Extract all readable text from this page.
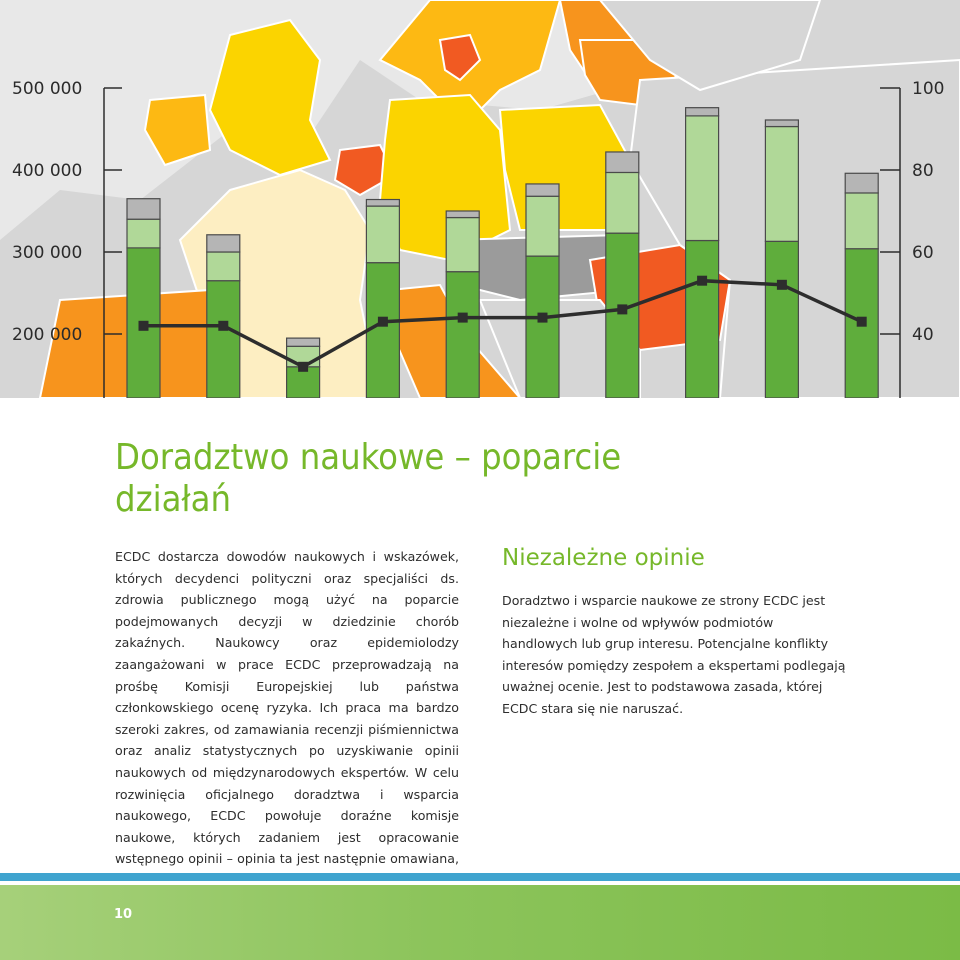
500 000
400 000
300 000
200 000
100
80
60
40
Doradztwo naukowe – poparcie
działań

ECDC dostarcza dowodów naukowych i wskazówek, których decydenci polityczni oraz specjaliści ds. zdrowia publicznego mogą użyć na poparcie podejmowanych decyzji w dziedzinie chorób zakaźnych. Naukowcy oraz epidemiolodzy zaangażowani w prace ECDC przeprowadzają na prośbę Komisji Europejskiej lub państwa członkowskiego ocenę ryzyka. Ich praca ma bardzo szeroki zakres, od zamawiania recenzji piśmiennictwa oraz analiz statystycznych po uzyskiwanie opinii naukowych od międzynarodowych ekspertów. W celu rozwinięcia oficjalnego doradztwa i wsparcia naukowego, ECDC powołuje doraźne komisje naukowe, których zadaniem jest opracowanie wstępnego opinii – opinia ta jest następnie omawiana,

Niezależne opinie

Doradztwo i wsparcie naukowe ze strony ECDC jest niezależne i wolne od wpływów podmiotów handlowych lub grup interesu. Potencjalne konflikty interesów pomiędzy zespołem a ekspertami podlegają uważnej ocenie. Jest to podstawowa zasada, której ECDC stara się nie naruszać.

10
